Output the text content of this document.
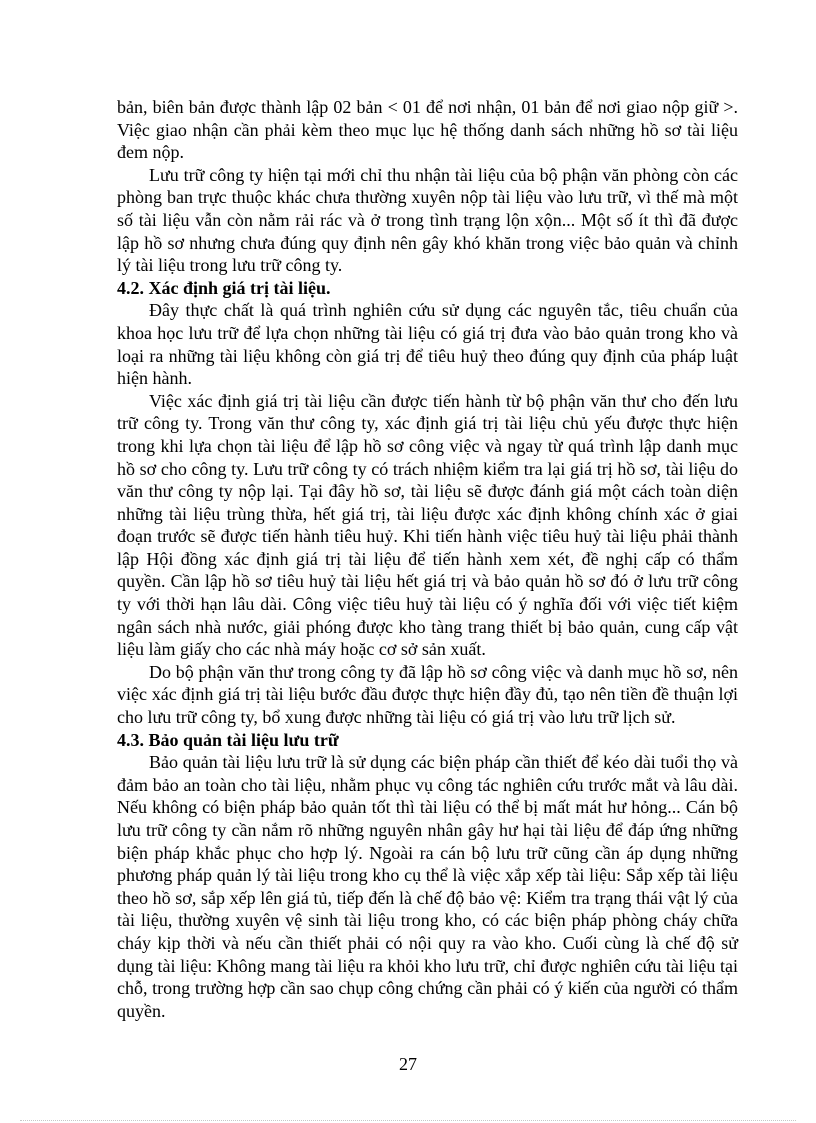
bản, biên bản được thành lập 02 bản < 01 để nơi nhận, 01 bản để nơi giao nộp giữ >. Việc giao nhận cần phải kèm theo mục lục hệ thống danh sách những hồ sơ tài liệu đem nộp.

Lưu trữ công ty hiện tại mới chỉ thu nhận tài liệu của bộ phận văn phòng còn các phòng ban trực thuộc khác chưa thường xuyên nộp tài liệu vào lưu trữ, vì thế mà một số tài liệu vẫn còn nằm rải rác và ở trong tình trạng lộn xộn... Một số ít thì đã được lập hồ sơ nhưng chưa đúng quy định nên gây khó khăn trong việc bảo quản và chỉnh lý tài liệu trong lưu trữ công ty.

4.2. Xác định giá trị tài liệu.

Đây thực chất là quá trình nghiên cứu sử dụng các nguyên tắc, tiêu chuẩn của khoa học lưu trữ để lựa chọn những tài liệu có giá trị đưa vào bảo quản trong kho và loại ra những tài liệu không còn giá trị để tiêu huỷ theo đúng quy định của pháp luật hiện hành.

Việc xác định giá trị tài liệu cần được tiến hành từ bộ phận văn thư cho đến lưu trữ công ty. Trong văn thư công ty, xác định giá trị tài liệu chủ yếu được thực hiện trong khi lựa chọn tài liệu để lập hồ sơ công việc và ngay từ quá trình lập danh mục hồ sơ cho công ty. Lưu trữ công ty có trách nhiệm kiểm tra lại giá trị hồ sơ, tài liệu do văn thư công ty nộp lại. Tại đây hồ sơ, tài liệu sẽ được đánh giá một cách toàn diện những tài liệu trùng thừa, hết giá trị, tài liệu được xác định không chính xác ở giai đoạn trước sẽ được tiến hành tiêu huỷ. Khi tiến hành việc tiêu huỷ tài liệu phải thành lập Hội đồng xác định giá trị tài liệu để tiến hành xem xét, đề nghị cấp có thẩm quyền. Cần lập hồ sơ tiêu huỷ tài liệu hết giá trị và bảo quản hồ sơ đó ở lưu trữ công ty với thời hạn lâu dài. Công việc tiêu huỷ tài liệu có ý nghĩa đối với việc tiết kiệm ngân sách nhà nước, giải phóng được kho tàng trang thiết bị bảo quản, cung cấp vật liệu làm giấy cho các nhà máy hoặc cơ sở sản xuất.

Do bộ phận văn thư trong công ty đã lập hồ sơ công việc và danh mục hồ sơ, nên việc xác định giá trị tài liệu bước đầu được thực hiện đầy đủ, tạo nên tiền đề thuận lợi cho lưu trữ công ty, bổ xung được những tài liệu có giá trị vào lưu trữ lịch sử.

4.3. Bảo quản tài liệu lưu trữ

Bảo quản tài liệu lưu trữ là sử dụng các biện pháp cần thiết để kéo dài tuổi thọ và đảm bảo an toàn cho tài liệu, nhằm phục vụ công tác nghiên cứu trước mắt và lâu dài. Nếu không có biện pháp bảo quản tốt thì tài liệu có thể bị mất mát hư hỏng... Cán bộ lưu trữ công ty cần nắm rõ những nguyên nhân gây hư hại tài liệu để đáp ứng những biện pháp khắc phục cho hợp lý. Ngoài ra cán bộ lưu trữ cũng cần áp dụng những phương pháp quản lý tài liệu trong kho cụ thể là việc xắp xếp tài liệu: Sắp xếp tài liệu theo hồ sơ, sắp xếp lên giá tủ, tiếp đến là chế độ bảo vệ: Kiểm tra trạng thái vật lý của tài liệu, thường xuyên vệ sinh tài liệu trong kho, có các biện pháp phòng cháy chữa cháy kịp thời và nếu cần thiết phải có nội quy ra vào kho. Cuối cùng là chế độ sử dụng tài liệu: Không mang tài liệu ra khỏi kho lưu trữ, chỉ được nghiên cứu tài liệu tại chỗ, trong trường hợp cần sao chụp công chứng cần phải có ý kiến của người có thẩm quyền.

27
